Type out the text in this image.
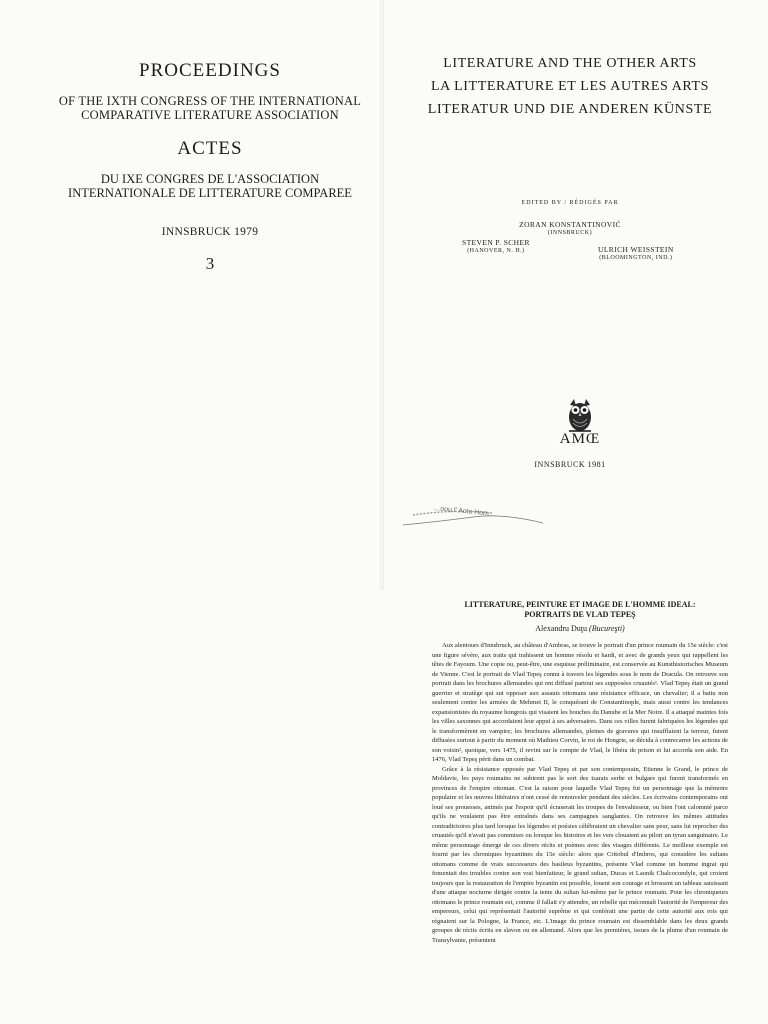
PROCEEDINGS
OF THE IXTH CONGRESS OF THE INTERNATIONAL
COMPARATIVE LITERATURE ASSOCIATION
ACTES
DU IXE CONGRES DE L'ASSOCIATION
INTERNATIONALE DE LITTERATURE COMPAREE
INNSBRUCK 1979
3
LITERATURE AND THE OTHER ARTS
LA LITTERATURE ET LES AUTRES ARTS
LITERATUR UND DIE ANDEREN KÜNSTE
EDITED BY / RÉDIGÉS PAR
ZORAN KONSTANTINOVIĆ
(INNSBRUCK)
STEVEN P. SCHER
(HANOVER, N. H.)	ULRICH WEISSTEIN
(BLOOMINGTON, IND.)
AMŒ
INNSBRUCK 1981
…oou l' Acto Hom…
LITTERATURE, PEINTURE ET IMAGE DE L'HOMME IDEAL:
PORTRAITS DE VLAD TEPEŞ
Alexandru Duţu (Bucureşti)

Aux alentours d'Innsbruck, au château d'Ambras, se trouve le portrait d'un prince roumain du 15e siècle: c'est une figure sévère, aux traits qui trahissent un homme résolu et hardi, et avec de grands yeux qui rappellent les têtes de Fayoum. Une copie ou, peut-être, une esquisse préliminaire, est conservée au Kunsthistorisches Museum de Vienne. C'est le portrait de Vlad Tepeş connu à travers les légendes sous le nom de Dracula. On retrouve son portrait dans les brochures allemandes qui ont diffusé partout ses supposées cruautés¹. Vlad Tepeş était un grand guerrier et stratège qui sut opposer aux assauts ottomans une résistance efficace, un chevalier; il a battu non seulement contre les armées de Mehmet II, le conquérant de Constantinople, mais aussi contre les tendances expansionistes du royaume hongrois qui visaient les bouches du Danube et la Mer Noire. Il a attaqué maintes fois les villes saxonnes qui accordaient leur appui à ses adversaires. Dans ces villes furent fabriquées les légendes qui le transformèrent en vampire; les brochures allemandes, pleines de gravures qui insufflaient la terreur, furent diffusées surtout à partir du moment où Mathieu Corvin, le roi de Hongrie, se décida à contrecarrer les actions de son voisin², quoique, vers 1475, il revint sur le compte de Vlad, le libéra de prison et lui accorda son aide. En 1476, Vlad Tepeş périt dans un combat.

Grâce à la résistance opposée par Vlad Tepeş et par son contemporain, Etienne le Grand, le prince de Moldavie, les pays roumains ne subirent pas le sort des tsarats serbe et bulgare qui furent transformés en provinces de l'empire ottoman. C'est la raison pour laquelle Vlad Tepeş fut un personnage que la mémoire populaire et les œuvres littéraires n'ont cessé de renouveler pendant des siècles. Les écrivains contemporains ont loué ses prouesses, animés par l'espoir qu'il écraserait les troupes de l'envahisseur, ou bien l'ont calomnié parce qu'ils ne voulaient pas être entraînés dans ses campagnes sanglantes. On retrouve les mêmes attitudes contradictoires plus tard lorsque les légendes et poésies célébraient un chevalier sans peur, sans lui reprocher des cruautés qu'il n'avait pas commises ou lorsque les histoires et les vers clouaient au pilori un tyran sanguinaire. Le même personnage émerge de ces divers récits et poèmes avec des visages différents. Le meilleur exemple est fourni par les chroniques byzantines du 15e siècle: alors que Critobul d'Imbros, qui considère les sultans ottomans comme de vrais successeurs des basileus byzantins, présente Vlad comme un homme ingrat qui fomentait des troubles contre son vrai bienfaiteur, le grand sultan, Ducas et Laonik Chalcocondyle, qui croient toujours que la restauration de l'empire byzantin est possible, louent son courage et brossent un tableau saisissant d'une attaque nocturne dirigée contre la tente du sultan lui-même par le prince roumain. Pour les chroniqueurs ottomans le prince roumain est, comme il fallait s'y attendre, un rebelle qui méconnaît l'autorité de l'empereur des empereurs, celui qui représentait l'autorité suprême et qui conférait une partie de cette autorité aux rois qui régnaient sur la Pologne, la France, etc. L'image du prince roumain est dissemblable dans les deux grands groupes de récits écrits en slavon ou en allemand. Alors que les premières, issues de la plume d'un roumain de Transylvanie, présentent
